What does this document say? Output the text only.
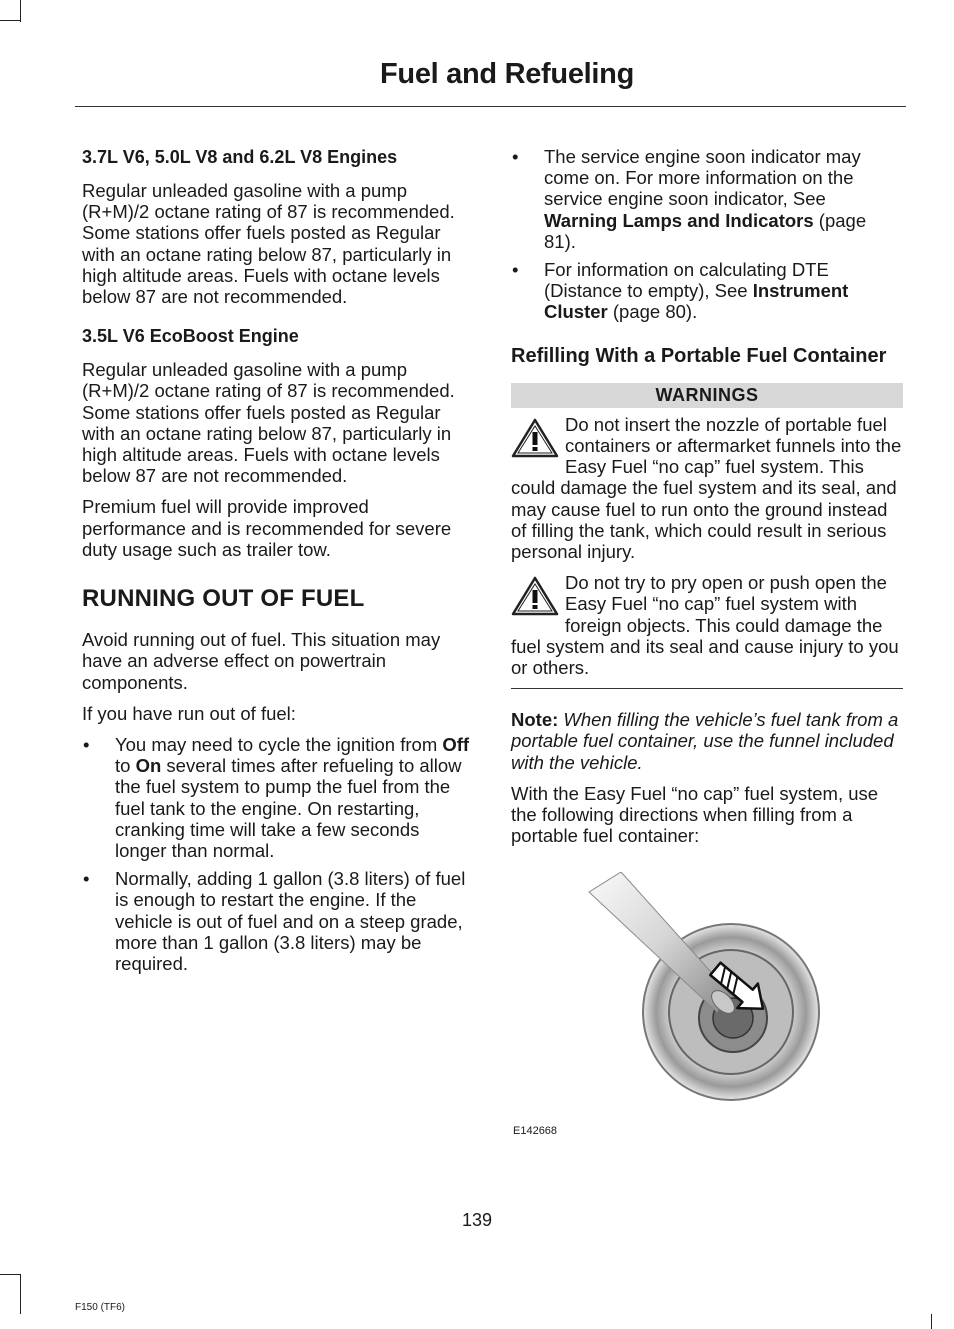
Fuel and Refueling
3.7L V6, 5.0L V8 and 6.2L V8 Engines

Regular unleaded gasoline with a pump (R+M)/2 octane rating of 87 is recommended. Some stations offer fuels posted as Regular with an octane rating below 87, particularly in high altitude areas. Fuels with octane levels below 87 are not recommended.

3.5L V6 EcoBoost Engine

Regular unleaded gasoline with a pump (R+M)/2 octane rating of 87 is recommended. Some stations offer fuels posted as Regular with an octane rating below 87, particularly in high altitude areas. Fuels with octane levels below 87 are not recommended.

Premium fuel will provide improved performance and is recommended for severe duty usage such as trailer tow.

RUNNING OUT OF FUEL

Avoid running out of fuel. This situation may have an adverse effect on powertrain components.

If you have run out of fuel:

• You may need to cycle the ignition from Off to On several times after refueling to allow the fuel system to pump the fuel from the fuel tank to the engine. On restarting, cranking time will take a few seconds longer than normal.
• Normally, adding 1 gallon (3.8 liters) of fuel is enough to restart the engine. If the vehicle is out of fuel and on a steep grade, more than 1 gallon (3.8 liters) may be required.
• The service engine soon indicator may come on. For more information on the service engine soon indicator, See Warning Lamps and Indicators (page 81).
• For information on calculating DTE (Distance to empty), See Instrument Cluster (page 80).
Refilling With a Portable Fuel Container
WARNINGS
Do not insert the nozzle of portable fuel containers or aftermarket funnels into the Easy Fuel “no cap” fuel system. This could damage the fuel system and its seal, and may cause fuel to run onto the ground instead of filling the tank, which could result in serious personal injury.
Do not try to pry open or push open the Easy Fuel “no cap” fuel system with foreign objects. This could damage the fuel system and its seal and cause injury to you or others.

Note: When filling the vehicle’s fuel tank from a portable fuel container, use the funnel included with the vehicle.

With the Easy Fuel “no cap” fuel system, use the following directions when filling from a portable fuel container:

E142668
139
F150 (TF6)
